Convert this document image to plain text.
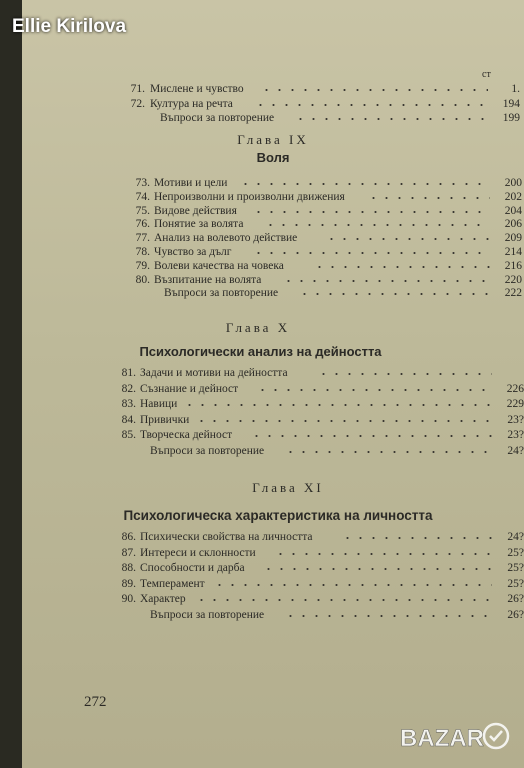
ст
71. Мислене и чувство	1.
72. Култура на речта	194
Въпроси за повторение	199
Глава IX
Воля
73. Мотиви и цели	200
74. Непроизволни и произволни движения	202
75. Видове действия	204
76. Понятие за волята	206
77. Анализ на волевото действие	209
78. Чувство за дълг	214
79. Волеви качества на човека	216
80. Възпитание на волята	220
Въпроси за повторение	222
Глава Х
Психологически анализ на дейността
81. Задачи и мотиви на дейността
82. Съзнание и дейност	226
83. Навици	229
84. Привички	23?
85. Творческа дейност	23?
Въпроси за повторение	24?
Глава XI
Психологическа характеристика на личността
86. Психически свойства на личността	24?
87. Интереси и склонности	25?
88. Способности и дарба	25?
89. Темперамент	25?
90. Характер	26?
Въпроси за повторение	26?
272
Ellie Kirilova
BAZAR
